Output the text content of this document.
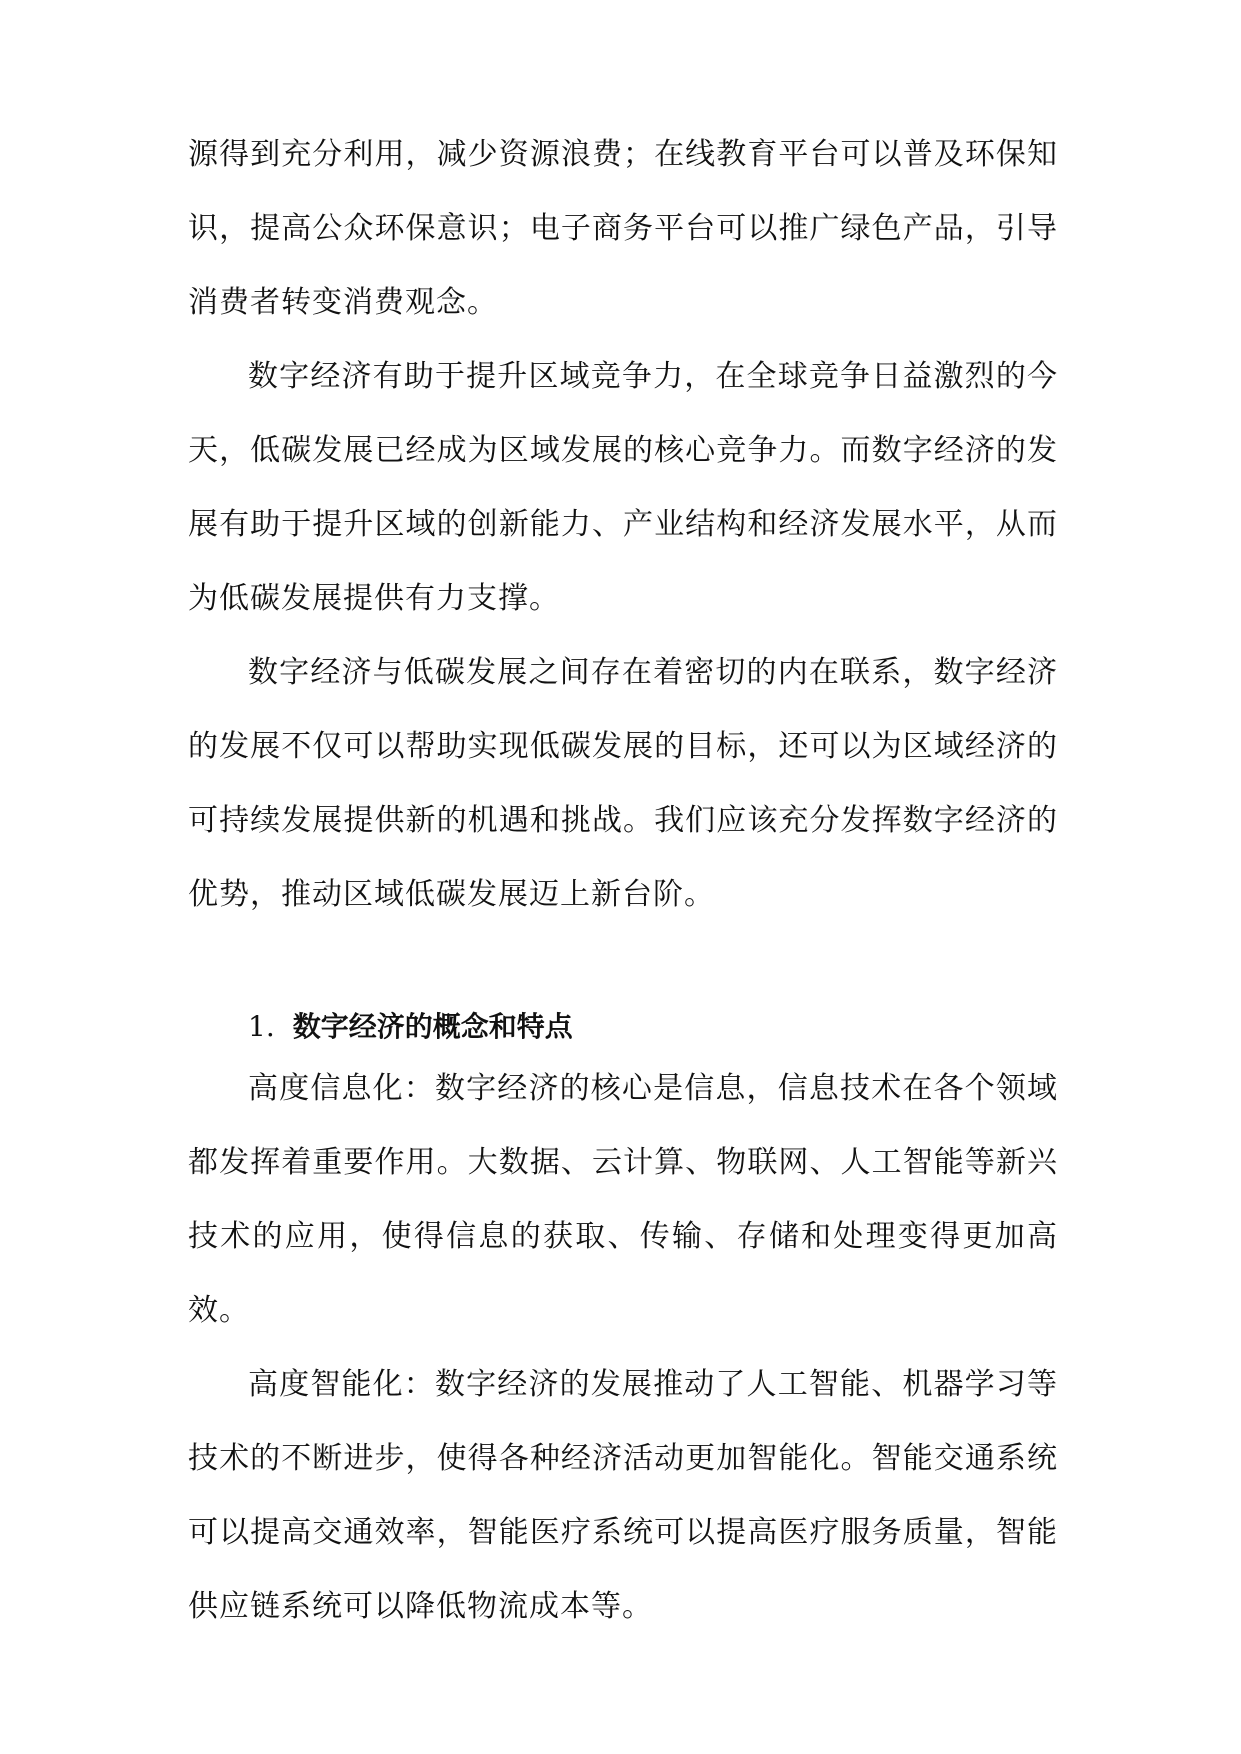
源得到充分利用，减少资源浪费；在线教育平台可以普及环保知识，提高公众环保意识；电子商务平台可以推广绿色产品，引导消费者转变消费观念。

数字经济有助于提升区域竞争力，在全球竞争日益激烈的今天，低碳发展已经成为区域发展的核心竞争力。而数字经济的发展有助于提升区域的创新能力、产业结构和经济发展水平，从而为低碳发展提供有力支撑。

数字经济与低碳发展之间存在着密切的内在联系，数字经济的发展不仅可以帮助实现低碳发展的目标，还可以为区域经济的可持续发展提供新的机遇和挑战。我们应该充分发挥数字经济的优势，推动区域低碳发展迈上新台阶。

1. 数字经济的概念和特点

高度信息化：数字经济的核心是信息，信息技术在各个领域都发挥着重要作用。大数据、云计算、物联网、人工智能等新兴技术的应用，使得信息的获取、传输、存储和处理变得更加高效。

高度智能化：数字经济的发展推动了人工智能、机器学习等技术的不断进步，使得各种经济活动更加智能化。智能交通系统可以提高交通效率，智能医疗系统可以提高医疗服务质量，智能供应链系统可以降低物流成本等。
